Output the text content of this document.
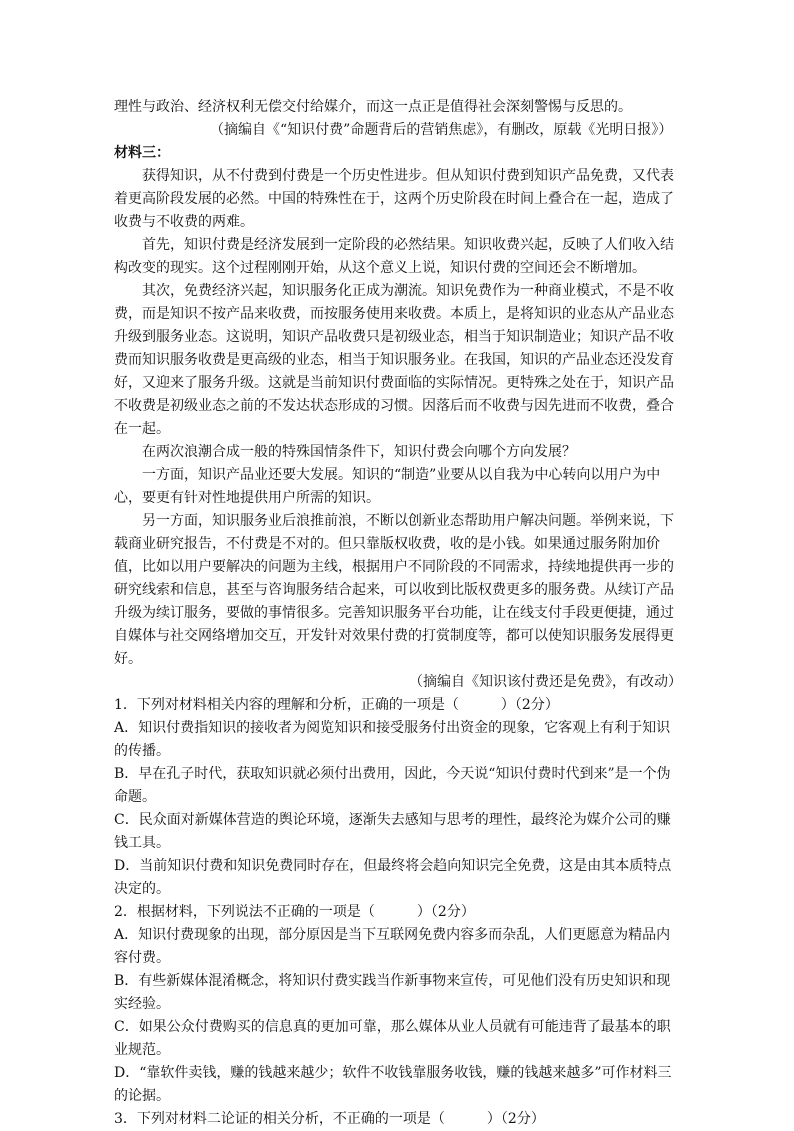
理性与政治、经济权利无偿交付给媒介，而这一点正是值得社会深刻警惕与反思的。

（摘编自《“知识付费”命题背后的营销焦虑》，有删改，原载《光明日报》）

材料三：

获得知识，从不付费到付费是一个历史性进步。但从知识付费到知识产品免费，又代表着更高阶段发展的必然。中国的特殊性在于，这两个历史阶段在时间上叠合在一起，造成了收费与不收费的两难。

首先，知识付费是经济发展到一定阶段的必然结果。知识收费兴起，反映了人们收入结构改变的现实。这个过程刚刚开始，从这个意义上说，知识付费的空间还会不断增加。

其次，免费经济兴起，知识服务化正成为潮流。知识免费作为一种商业模式，不是不收费，而是知识不按产品来收费，而按服务使用来收费。本质上，是将知识的业态从产品业态升级到服务业态。这说明，知识产品收费只是初级业态，相当于知识制造业；知识产品不收费而知识服务收费是更高级的业态，相当于知识服务业。在我国，知识的产品业态还没发育好，又迎来了服务升级。这就是当前知识付费面临的实际情况。更特殊之处在于，知识产品不收费是初级业态之前的不发达状态形成的习惯。因落后而不收费与因先进而不收费，叠合在一起。

在两次浪潮合成一般的特殊国情条件下，知识付费会向哪个方向发展？

一方面，知识产品业还要大发展。知识的“制造”业要从以自我为中心转向以用户为中心，要更有针对性地提供用户所需的知识。

另一方面，知识服务业后浪推前浪，不断以创新业态帮助用户解决问题。举例来说，下载商业研究报告，不付费是不对的。但只靠版权收费，收的是小钱。如果通过服务附加价值，比如以用户要解决的问题为主线，根据用户不同阶段的不同需求，持续地提供再一步的研究线索和信息，甚至与咨询服务结合起来，可以收到比版权费更多的服务费。从续订产品升级为续订服务，要做的事情很多。完善知识服务平台功能，让在线支付手段更便捷，通过自媒体与社交网络增加交互，开发针对效果付费的打赏制度等，都可以使知识服务发展得更好。

（摘编自《知识该付费还是免费》，有改动）

1．下列对材料相关内容的理解和分析，正确的一项是（　　　）（2分）

A．知识付费指知识的接收者为阅览知识和接受服务付出资金的现象，它客观上有利于知识的传播。

B．早在孔子时代，获取知识就必须付出费用，因此，今天说“知识付费时代到来”是一个伪命题。

C．民众面对新媒体营造的舆论环境，逐渐失去感知与思考的理性，最终沦为媒介公司的赚钱工具。

D．当前知识付费和知识免费同时存在，但最终将会趋向知识完全免费，这是由其本质特点决定的。

2．根据材料，下列说法不正确的一项是（　　　）（2分）

A．知识付费现象的出现，部分原因是当下互联网免费内容多而杂乱，人们更愿意为精品内容付费。

B．有些新媒体混淆概念，将知识付费实践当作新事物来宣传，可见他们没有历史知识和现实经验。

C．如果公众付费购买的信息真的更加可靠，那么媒体从业人员就有可能违背了最基本的职业规范。

D．“靠软件卖钱，赚的钱越来越少；软件不收钱靠服务收钱，赚的钱越来越多”可作材料三的论据。

3．下列对材料二论证的相关分析，不正确的一项是（　　　）（2分）
